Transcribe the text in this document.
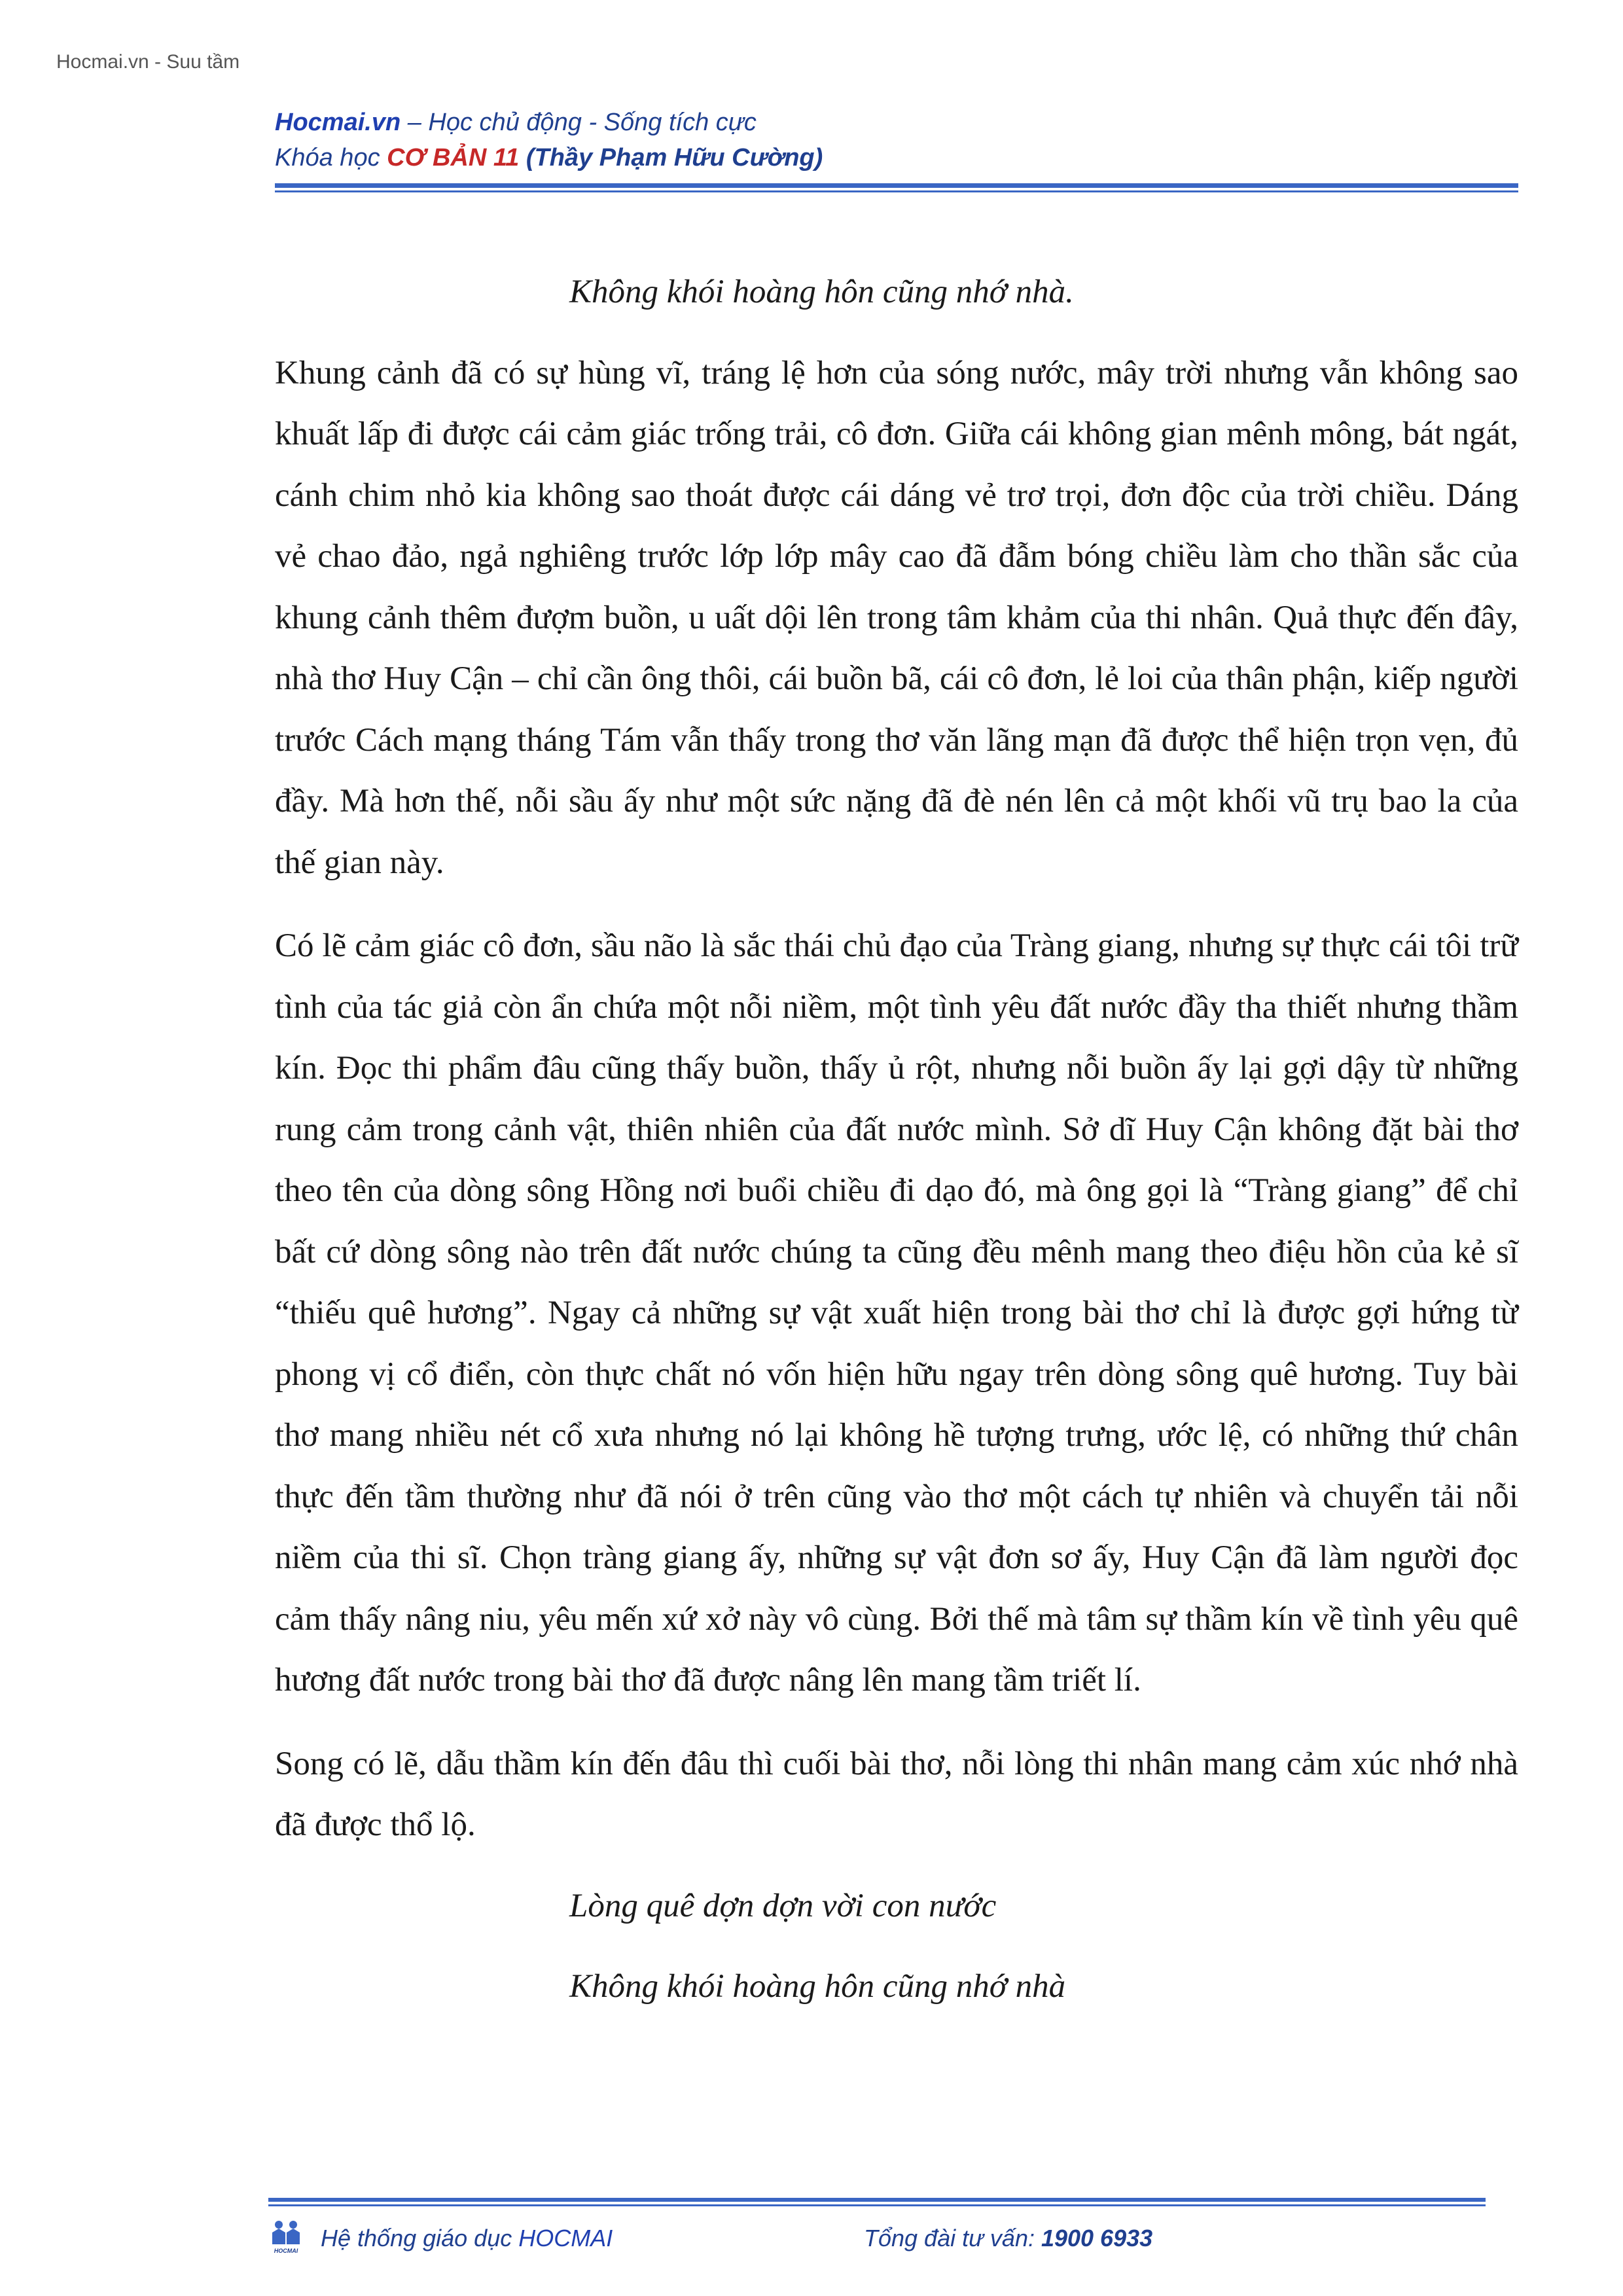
Hocmai.vn - Suu tầm
Hocmai.vn – Học chủ động - Sống tích cực
Khóa học CƠ BẢN 11 (Thầy Phạm Hữu Cường)

Không khói hoàng hôn cũng nhớ nhà.

Khung cảnh đã có sự hùng vĩ, tráng lệ hơn của sóng nước, mây trời nhưng vẫn không sao khuất lấp đi được cái cảm giác trống trải, cô đơn. Giữa cái không gian mênh mông, bát ngát, cánh chim nhỏ kia không sao thoát được cái dáng vẻ trơ trọi, đơn độc của trời chiều. Dáng vẻ chao đảo, ngả nghiêng trước lớp lớp mây cao đã đẫm bóng chiều làm cho thần sắc của khung cảnh thêm đượm buồn, u uất dội lên trong tâm khảm của thi nhân. Quả thực đến đây, nhà thơ Huy Cận – chỉ cần ông thôi, cái buồn bã, cái cô đơn, lẻ loi của thân phận, kiếp người trước Cách mạng tháng Tám vẫn thấy trong thơ văn lãng mạn đã được thể hiện trọn vẹn, đủ đầy. Mà hơn thế, nỗi sầu ấy như một sức nặng đã đè nén lên cả một khối vũ trụ bao la của thế gian này.

Có lẽ cảm giác cô đơn, sầu não là sắc thái chủ đạo của Tràng giang, nhưng sự thực cái tôi trữ tình của tác giả còn ẩn chứa một nỗi niềm, một tình yêu đất nước đầy tha thiết nhưng thầm kín. Đọc thi phẩm đâu cũng thấy buồn, thấy ủ rột, nhưng nỗi buồn ấy lại gợi dậy từ những rung cảm trong cảnh vật, thiên nhiên của đất nước mình. Sở dĩ Huy Cận không đặt bài thơ theo tên của dòng sông Hồng nơi buổi chiều đi dạo đó, mà ông gọi là “Tràng giang” để chỉ bất cứ dòng sông nào trên đất nước chúng ta cũng đều mênh mang theo điệu hồn của kẻ sĩ “thiếu quê hương”. Ngay cả những sự vật xuất hiện trong bài thơ chỉ là được gợi hứng từ phong vị cổ điển, còn thực chất nó vốn hiện hữu ngay trên dòng sông quê hương. Tuy bài thơ mang nhiều nét cổ xưa nhưng nó lại không hề tượng trưng, ước lệ, có những thứ chân thực đến tầm thường như đã nói ở trên cũng vào thơ một cách tự nhiên và chuyển tải nỗi niềm của thi sĩ. Chọn tràng giang ấy, những sự vật đơn sơ ấy, Huy Cận đã làm người đọc cảm thấy nâng niu, yêu mến xứ xở này vô cùng. Bởi thế mà tâm sự thầm kín về tình yêu quê hương đất nước trong bài thơ đã được nâng lên mang tầm triết lí.

Song có lẽ, dẫu thầm kín đến đâu thì cuối bài thơ, nỗi lòng thi nhân mang cảm xúc nhớ nhà đã được thổ lộ.

Lòng quê dợn dợn vời con nước

Không khói hoàng hôn cũng nhớ nhà

HOCMAI Hệ thống giáo dục HOCMAI	Tổng đài tư vấn: 1900 6933
